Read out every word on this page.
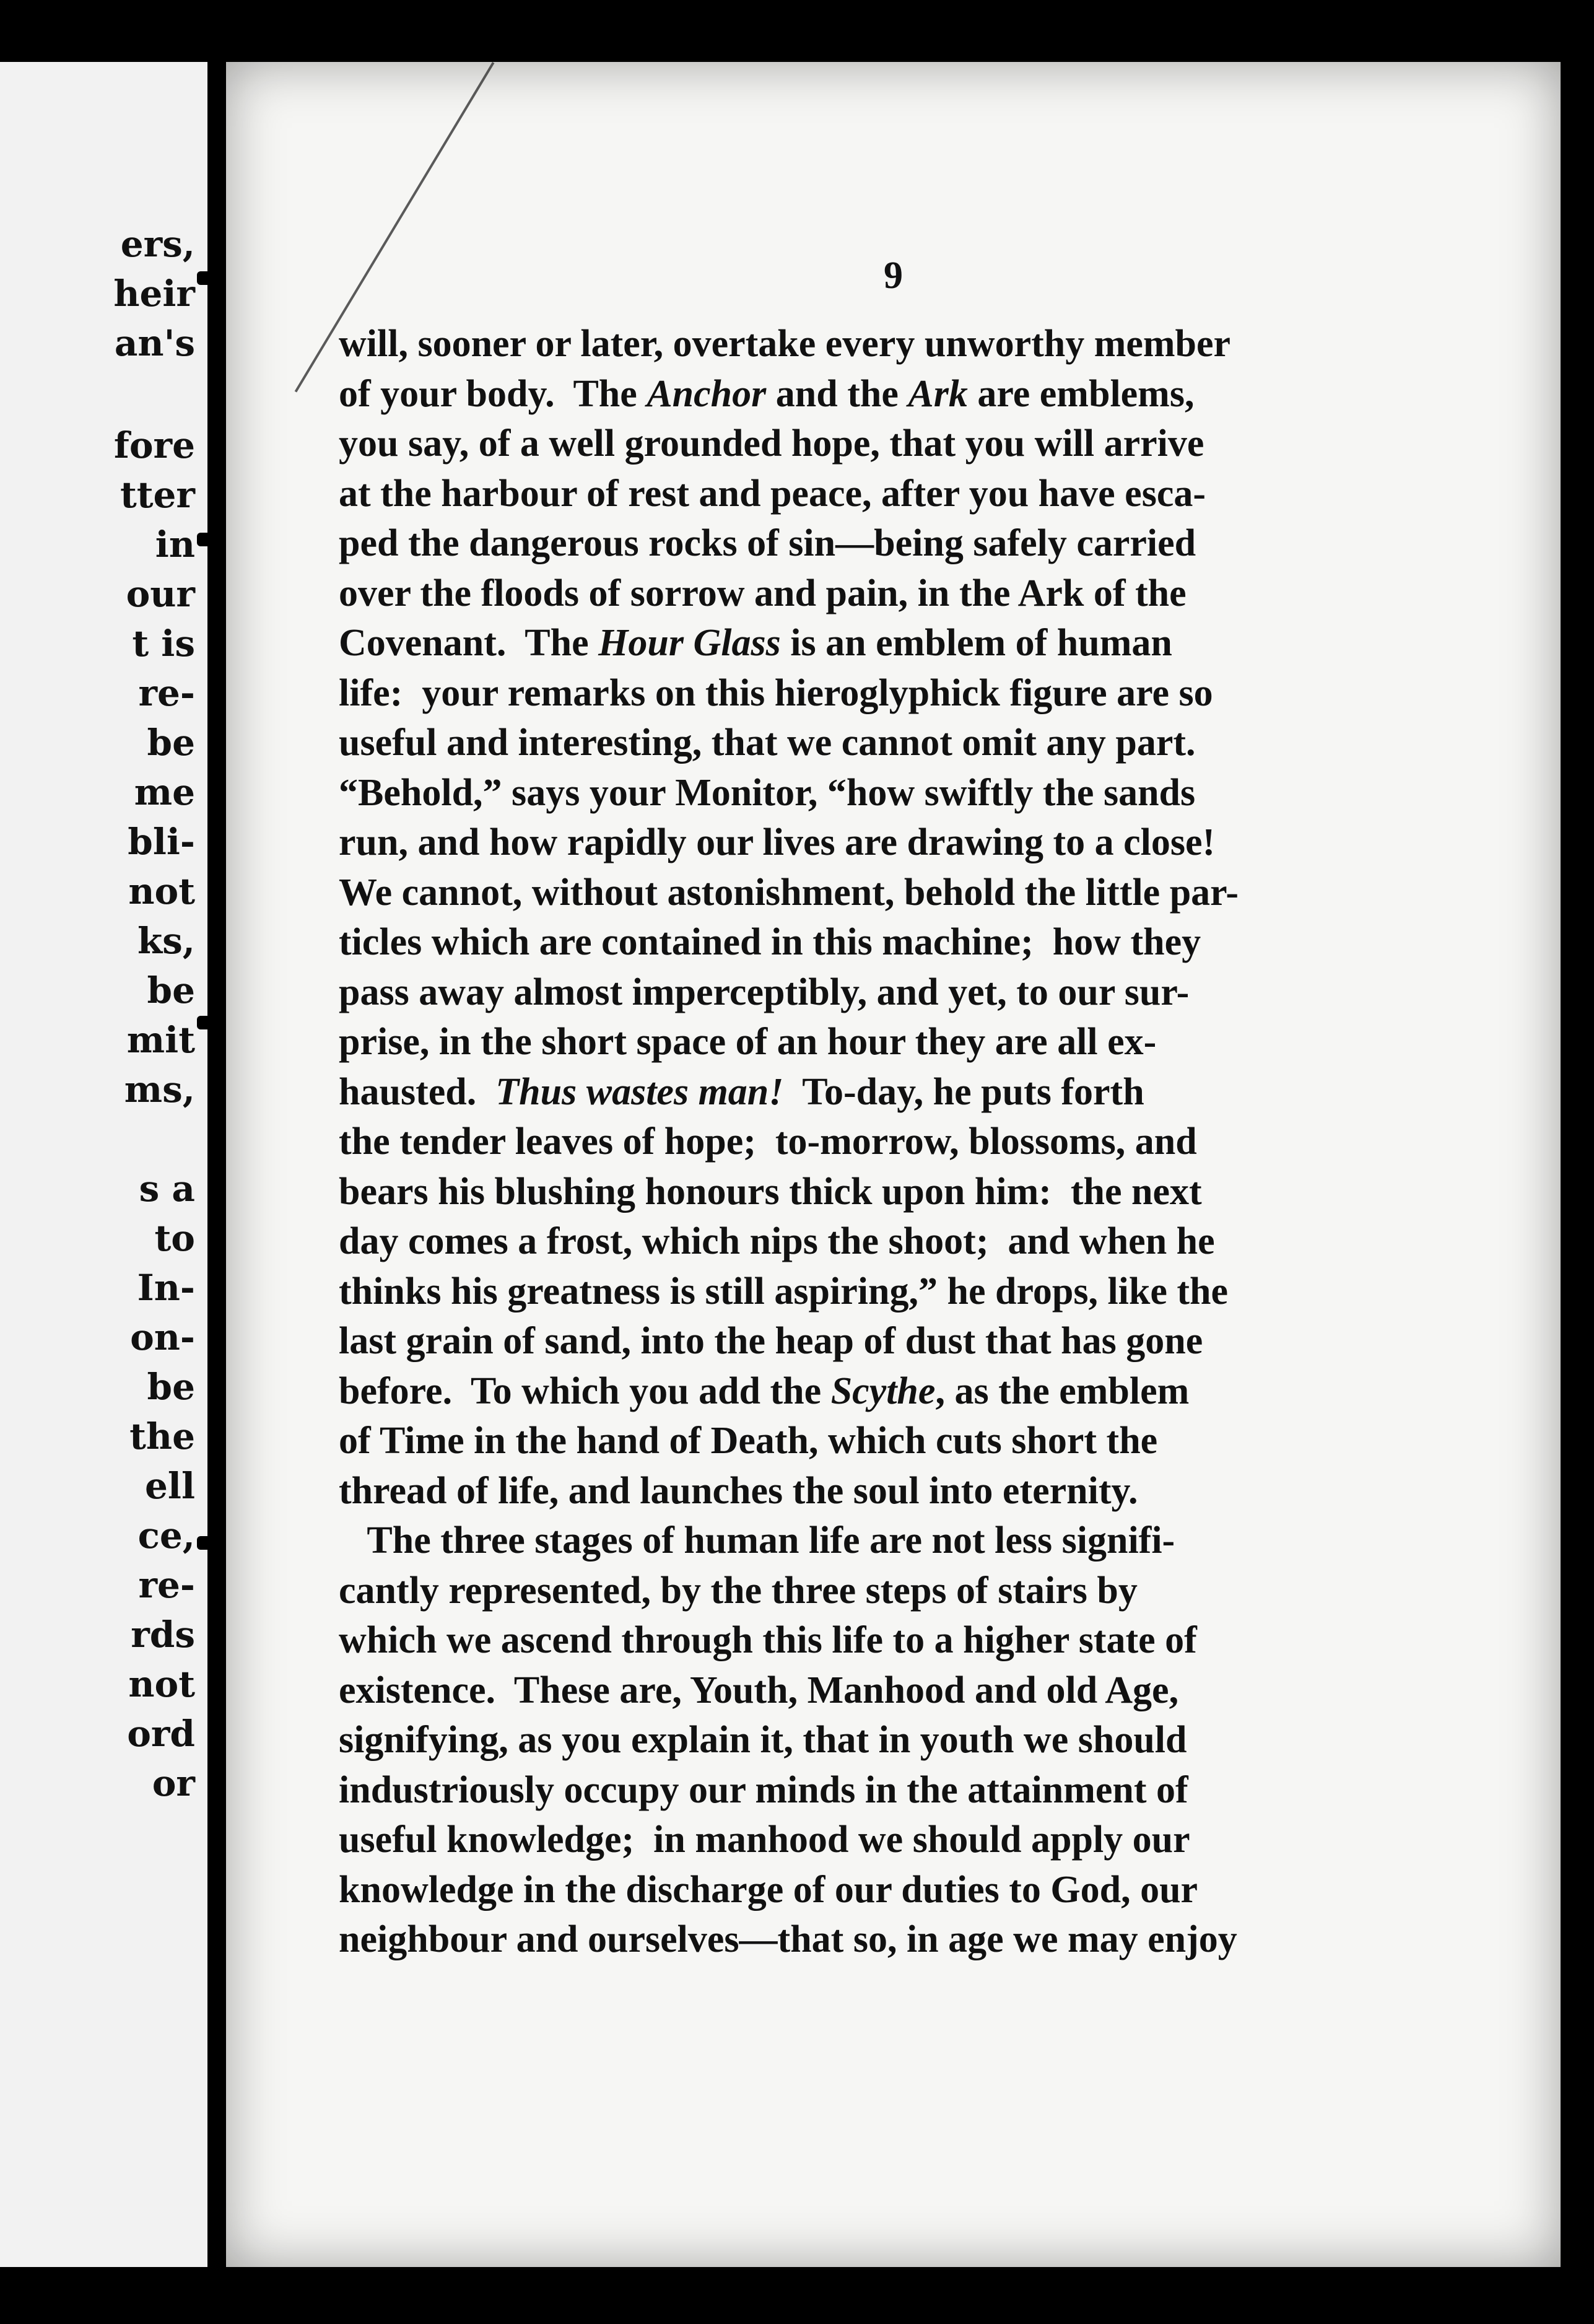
ers,
heir
an's
fore
tter
in
our
t is
re-
be
me
bli-
not
ks,
be
mit
ms,
s a
to
In-
on-
be
the
ell
ce,
re-
rds
not
ord
or
9
will, sooner or later, overtake every unworthy member
of your body.  The Anchor and the Ark are emblems,
you say, of a well grounded hope, that you will arrive
at the harbour of rest and peace, after you have esca-
ped the dangerous rocks of sin—being safely carried
over the floods of sorrow and pain, in the Ark of the
Covenant.  The Hour Glass is an emblem of human
life:  your remarks on this hieroglyphick figure are so
useful and interesting, that we cannot omit any part.
“Behold,” says your Monitor, “how swiftly the sands
run, and how rapidly our lives are drawing to a close!
We cannot, without astonishment, behold the little par-
ticles which are contained in this machine;  how they
pass away almost imperceptibly, and yet, to our sur-
prise, in the short space of an hour they are all ex-
hausted.  Thus wastes man!  To-day, he puts forth
the tender leaves of hope;  to-morrow, blossoms, and
bears his blushing honours thick upon him:  the next
day comes a frost, which nips the shoot;  and when he
thinks his greatness is still aspiring,” he drops, like the
last grain of sand, into the heap of dust that has gone
before.  To which you add the Scythe, as the emblem
of Time in the hand of Death, which cuts short the
thread of life, and launches the soul into eternity.
The three stages of human life are not less signifi-
cantly represented, by the three steps of stairs by
which we ascend through this life to a higher state of
existence.  These are, Youth, Manhood and old Age,
signifying, as you explain it, that in youth we should
industriously occupy our minds in the attainment of
useful knowledge;  in manhood we should apply our
knowledge in the discharge of our duties to God, our
neighbour and ourselves—that so, in age we may enjoy
